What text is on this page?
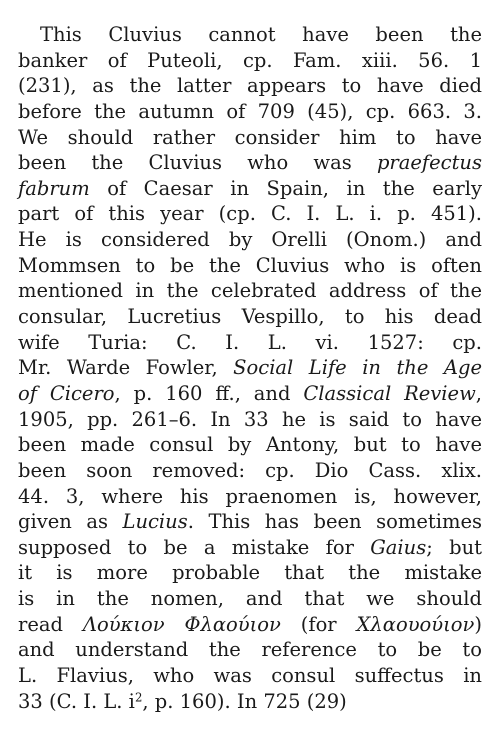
This Cluvius cannot have been the
banker of Puteoli, cp. Fam. xiii. 56. 1
(231), as the latter appears to have died
before the autumn of 709 (45), cp. 663. 3.
We should rather consider him to have
been the Cluvius who was praefectus
fabrum of Caesar in Spain, in the early
part of this year (cp. C. I. L. i. p. 451).
He is considered by Orelli (Onom.) and
Mommsen to be the Cluvius who is often
mentioned in the celebrated address of the
consular, Lucretius Vespillo, to his dead
wife Turia: C. I. L. vi. 1527: cp.
Mr. Warde Fowler, Social Life in the Age
of Cicero, p. 160 ff., and Classical Review,
1905, pp. 261–6. In 33 he is said to have
been made consul by Antony, but to have
been soon removed: cp. Dio Cass. xlix.
44. 3, where his praenomen is, however,
given as Lucius. This has been sometimes
supposed to be a mistake for Gaius; but
it is more probable that the mistake
is in the nomen, and that we should
read Λούκιον Φλαούιον (for Χλαουούιον)
and understand the reference to be to
L. Flavius, who was consul suffectus in
33 (C. I. L. $i^2$, p. 160). In 725 (29)
